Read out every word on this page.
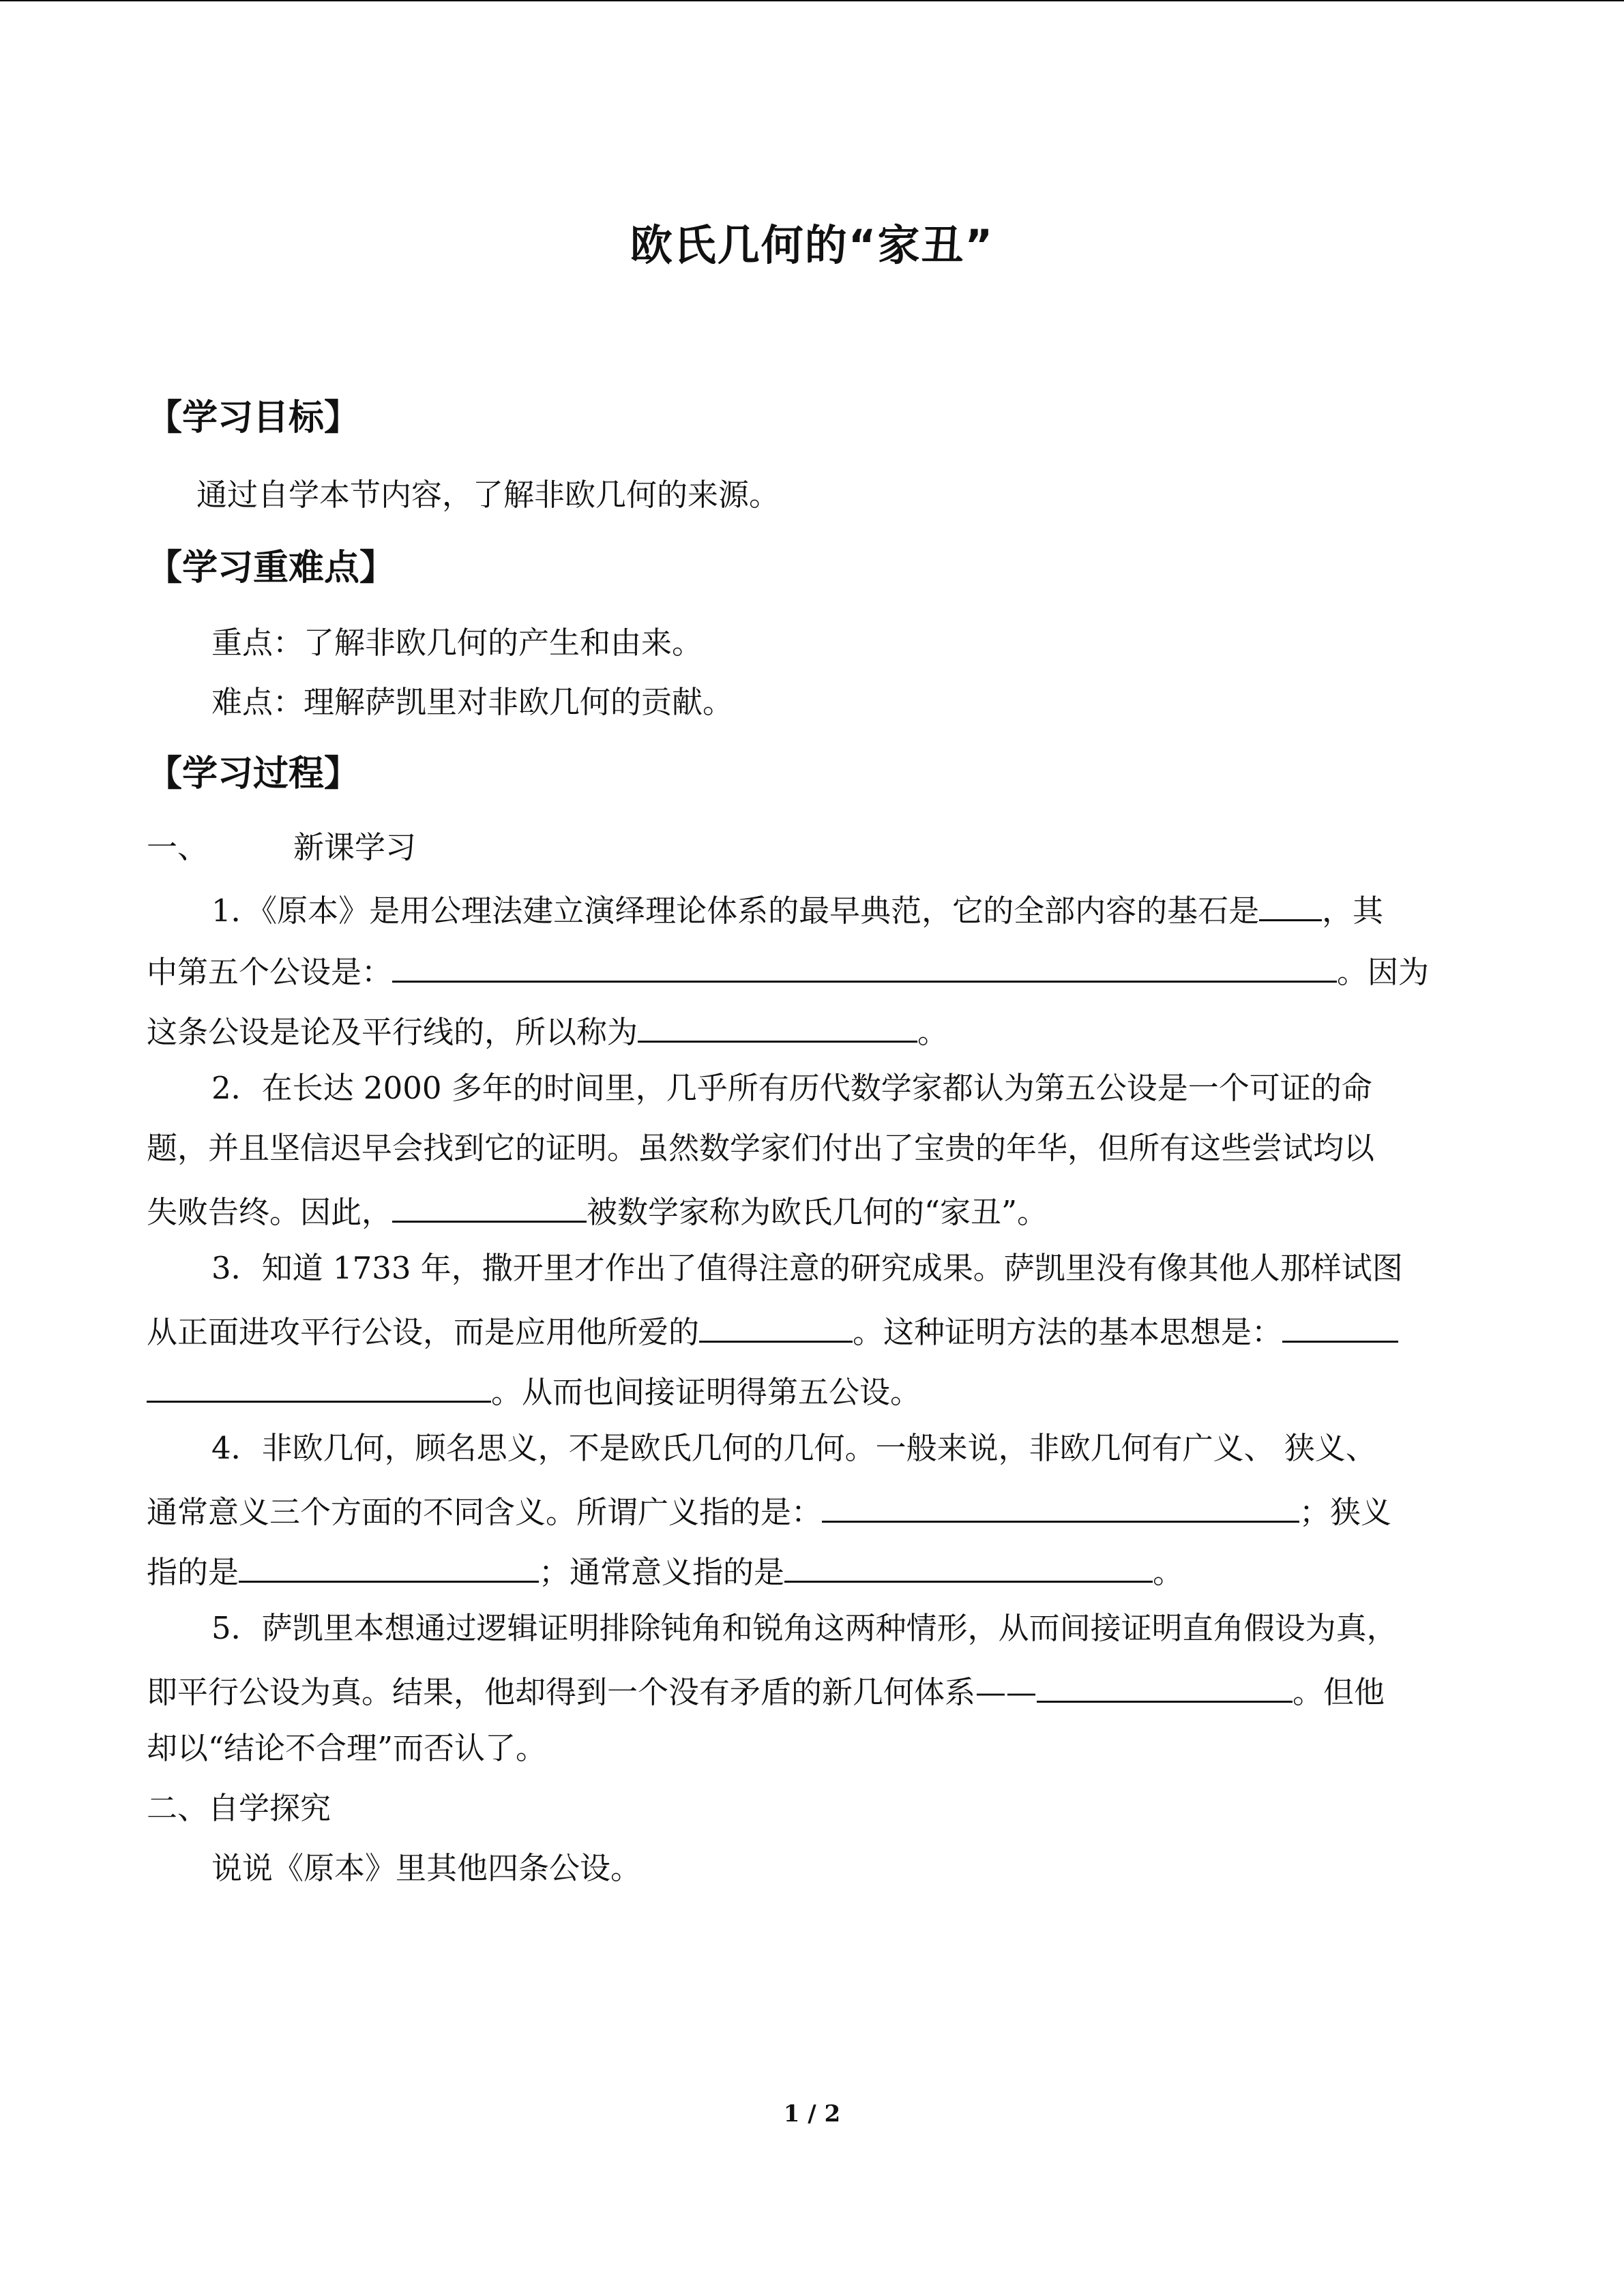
欧氏几何的“家丑”
【学习目标】
通过自学本节内容，了解非欧几何的来源。
【学习重难点】
重点：了解非欧几何的产生和由来。
难点：理解萨凯里对非欧几何的贡献。
【学习过程】
一、	新课学习
1．《原本》是用公理法建立演绎理论体系的最早典范，它的全部内容的基石是 ，其
中第五个公设是：	。因为
这条公设是论及平行线的，所以称为	。
2．在长达 2000 多年的时间里，几乎所有历代数学家都认为第五公设是一个可证的命
题，并且坚信迟早会找到它的证明。虽然数学家们付出了宝贵的年华，但所有这些尝试均以
失败告终。因此，	被数学家称为欧氏几何的“家丑”。
3．知道 1733 年，撒开里才作出了值得注意的研究成果。萨凯里没有像其他人那样试图
从正面进攻平行公设，而是应用他所爱的	。这种证明方法的基本思想是：
。从而也间接证明得第五公设。
4．非欧几何，顾名思义，不是欧氏几何的几何。一般来说，非欧几何有广义、 狭义、
通常意义三个方面的不同含义。所谓广义指的是：	；狭义
指的是	；通常意义指的是	。
5．萨凯里本想通过逻辑证明排除钝角和锐角这两种情形，从而间接证明直角假设为真，
即平行公设为真。结果，他却得到一个没有矛盾的新几何体系——	。但他
却以“结论不合理”而否认了。
二、自学探究
说说《原本》里其他四条公设。
1 / 2
